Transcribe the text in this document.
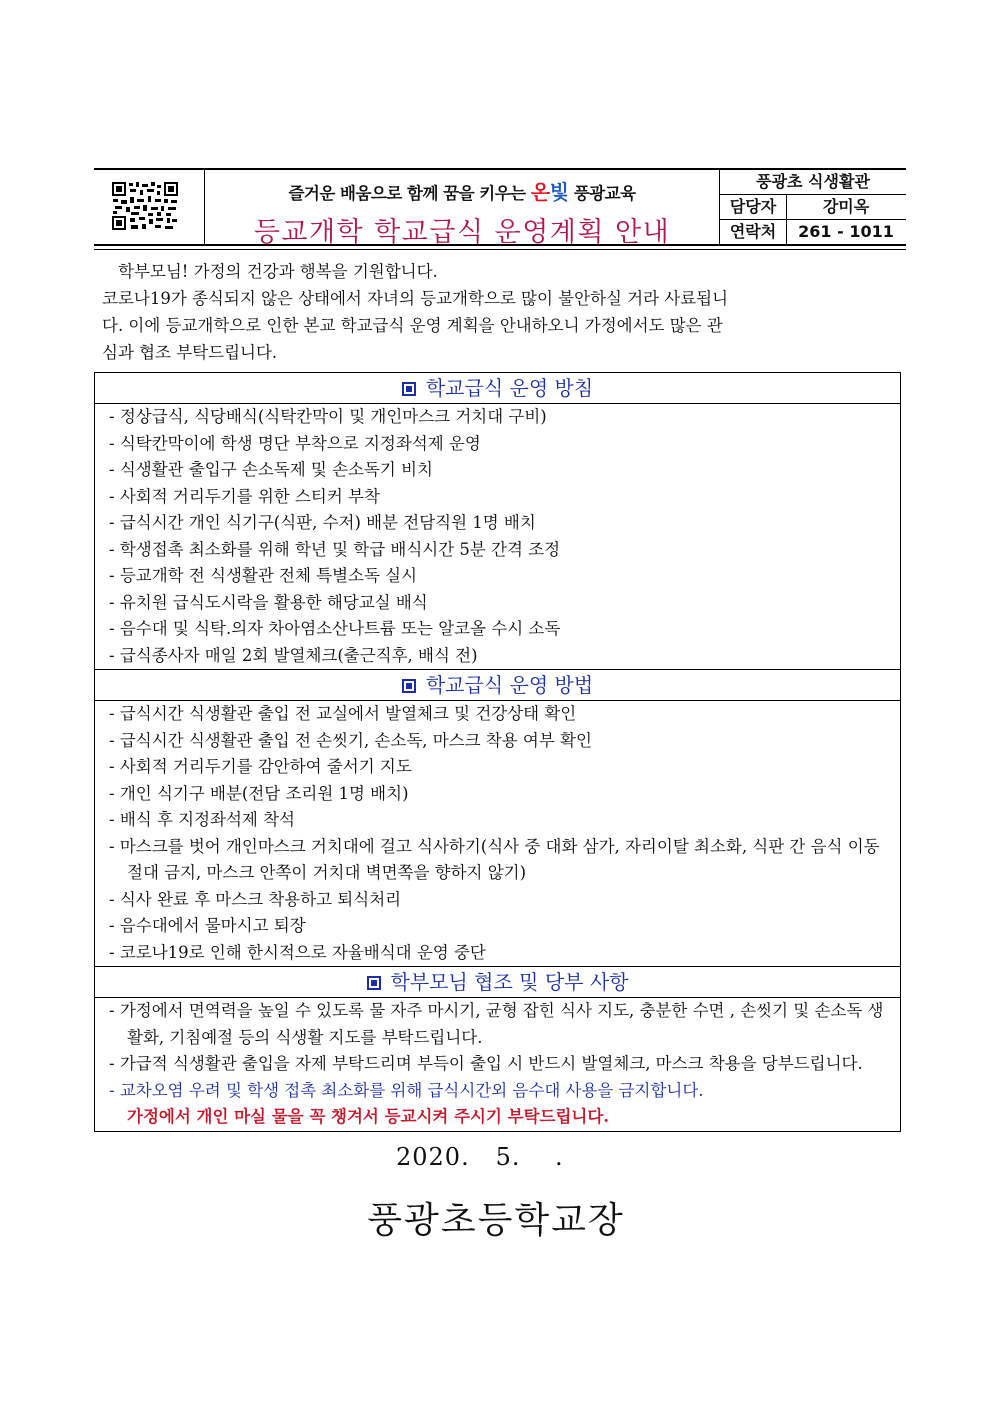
즐거운 배움으로 함께 꿈을 키우는 온빛 풍광교육
등교개학 학교급식 운영계획 안내
풍광초 식생활관
담당자	강미옥
연락처	261 - 1011

학부모님! 가정의 건강과 행복을 기원합니다.

코로나19가 종식되지 않은 상태에서 자녀의 등교개학으로 많이 불안하실 거라 사료됩니

다. 이에 등교개학으로 인한 본교 학교급식 운영 계획을 안내하오니 가정에서도 많은 관

심과 협조 부탁드립니다.

학교급식 운영 방침
- 정상급식, 식당배식(식탁칸막이 및 개인마스크 거치대 구비)
- 식탁칸막이에 학생 명단 부착으로 지정좌석제 운영
- 식생활관 출입구 손소독제 및 손소독기 비치
- 사회적 거리두기를 위한 스티커 부착
- 급식시간 개인 식기구(식판, 수저) 배분 전담직원 1명 배치
- 학생접촉 최소화를 위해 학년 및 학급 배식시간 5분 간격 조정
- 등교개학 전 식생활관 전체 특별소독 실시
- 유치원 급식도시락을 활용한 해당교실 배식
- 음수대 및 식탁.의자 차아염소산나트륨 또는 알코올 수시 소독
- 급식종사자 매일 2회 발열체크(출근직후, 배식 전)
학교급식 운영 방법
- 급식시간 식생활관 출입 전 교실에서 발열체크 및 건강상태 확인
- 급식시간 식생활관 출입 전 손씻기, 손소독, 마스크 착용 여부 확인
- 사회적 거리두기를 감안하여 줄서기 지도
- 개인 식기구 배분(전담 조리원 1명 배치)
- 배식 후 지정좌석제 착석
- 마스크를 벗어 개인마스크 거치대에 걸고 식사하기(식사 중 대화 삼가, 자리이탈 최소화, 식판 간 음식 이동 절대 금지, 마스크 안쪽이 거치대 벽면쪽을 향하지 않기)
- 식사 완료 후 마스크 착용하고 퇴식처리
- 음수대에서 물마시고 퇴장
- 코로나19로 인해 한시적으로 자율배식대 운영 중단
학부모님 협조 및 당부 사항
- 가정에서 면역력을 높일 수 있도록 물 자주 마시기, 균형 잡힌 식사 지도, 충분한 수면 , 손씻기 및 손소독 생활화, 기침예절 등의 식생활 지도를 부탁드립니다.
- 가급적 식생활관 출입을 자제 부탁드리며 부득이 출입 시 반드시 발열체크, 마스크 착용을 당부드립니다.
- 교차오염 우려 및 학생 접촉 최소화를 위해 급식시간외 음수대 사용을 금지합니다.
가정에서 개인 마실 물을 꼭 챙겨서 등교시켜 주시기 부탁드립니다.
2020.   5.    .
풍광초등학교장
